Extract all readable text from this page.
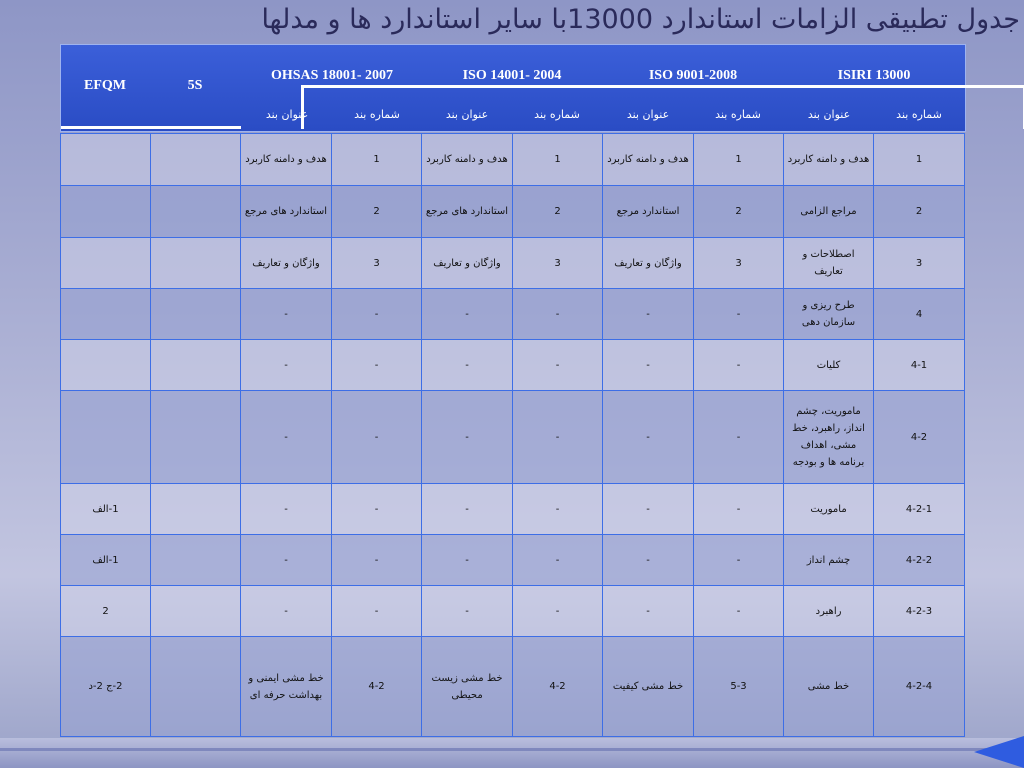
جدول تطبیقی الزامات استاندارد 13000با سایر استاندارد ها و مدلها
EFQM	5S
OHSAS 18001- 2007	ISO 14001- 2004	ISO 9001-2008	ISIRI 13000
عنوان بند	شماره بند	عنوان بند	شماره بند	عنوان بند	شماره بند	عنوان بند	شماره بند
		هدف و دامنه کاربرد	1	هدف و دامنه کاربرد	1	هدف و دامنه کاربرد	1	هدف و دامنه کاربرد	1
		استاندارد های مرجع	2	استاندارد های مرجع	2	استاندارد مرجع	2	مراجع الزامی	2
		واژگان و تعاریف	3	واژگان و تعاریف	3	واژگان و تعاریف	3	اصطلاحات و تعاریف	3
		-	-	-	-	-	-	طرح ریزی و سازمان دهی	4
		-	-	-	-	-	-	کلیات	4-1
		-	-	-	-	-	-	ماموریت، چشم انداز، راهبرد، خط مشی، اهداف برنامه ها و بودجه	4-2
1-الف		-	-	-	-	-	-	ماموریت	4-2-1
1-الف		-	-	-	-	-	-	چشم انداز	4-2-2
2		-	-	-	-	-	-	راهبرد	4-2-3
2-ج 2-د		خط مشی ایمنی و بهداشت حرفه ای	4-2	خط مشی زیست محیطی	4-2	خط مشی کیفیت	5-3	خط مشی	4-2-4
